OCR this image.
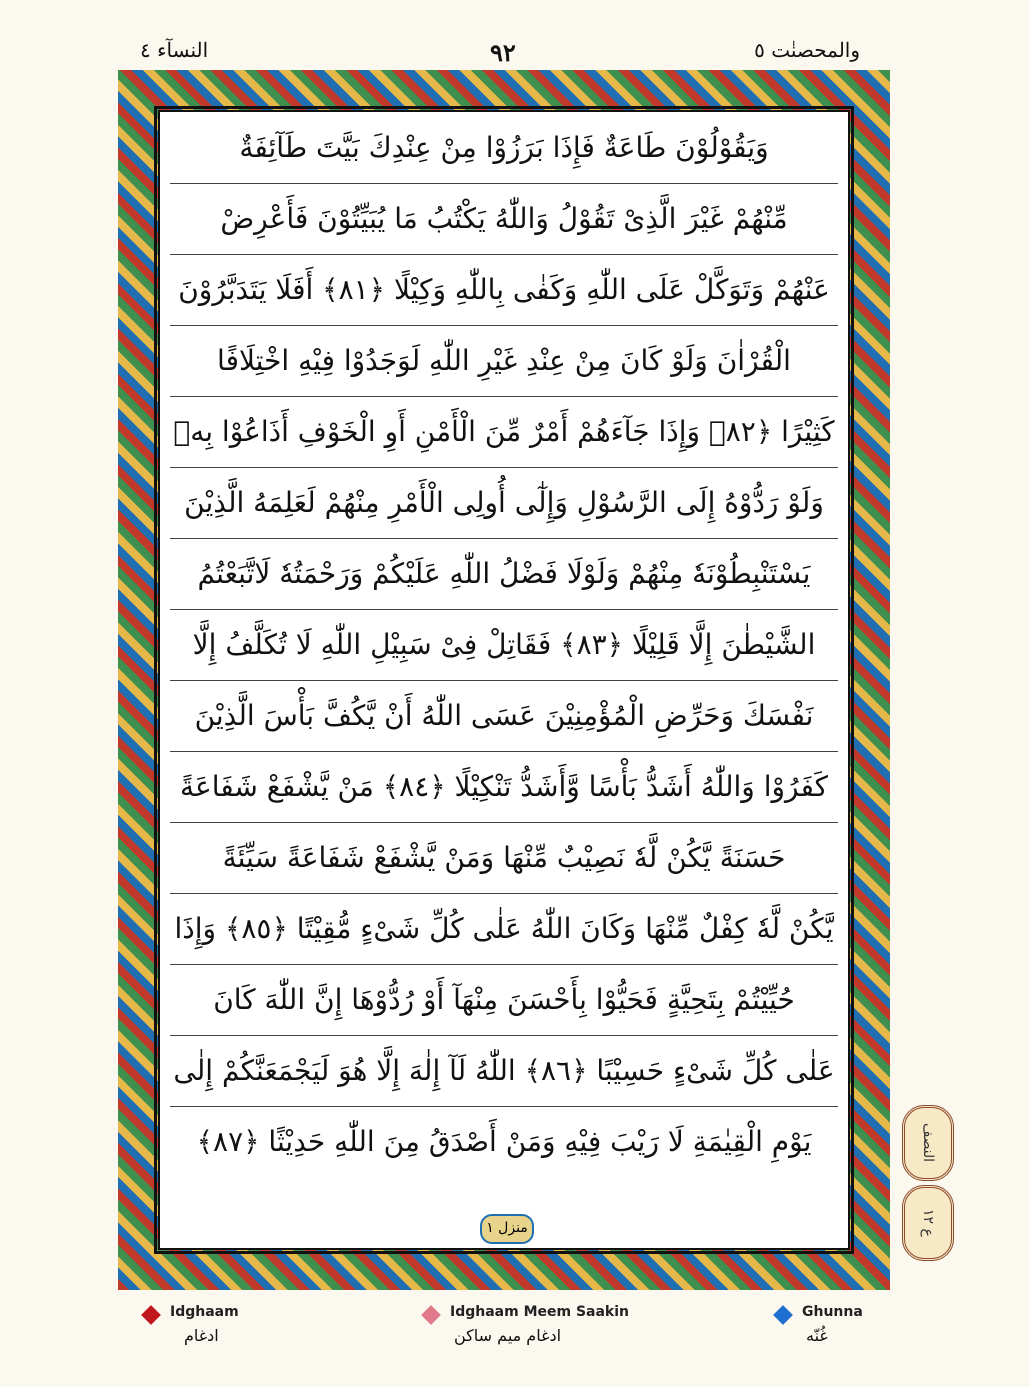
والمحصنٰت ٥
٩٢
النسآء ٤
وَيَقُوْلُوْنَ طَاعَةٌ فَإِذَا بَرَزُوْا مِنْ عِنْدِكَ بَيَّتَ طَآئِفَةٌ
مِّنْهُمْ غَيْرَ الَّذِىْ تَقُوْلُ وَاللّٰهُ يَكْتُبُ مَا يُبَيِّتُوْنَ فَأَعْرِضْ
عَنْهُمْ وَتَوَكَّلْ عَلَى اللّٰهِ وَكَفٰى بِاللّٰهِ وَكِيْلًا ﴿٨١﴾ أَفَلَا يَتَدَبَّرُوْنَ
الْقُرْاٰنَ وَلَوْ كَانَ مِنْ عِنْدِ غَيْرِ اللّٰهِ لَوَجَدُوْا فِيْهِ اخْتِلَافًا
كَثِيْرًا ﴿٨٢﴾ وَإِذَا جَآءَهُمْ أَمْرٌ مِّنَ الْأَمْنِ أَوِ الْخَوْفِ أَذَاعُوْا بِهٖ
وَلَوْ رَدُّوْهُ إِلَى الرَّسُوْلِ وَإِلٰٓى أُولِى الْأَمْرِ مِنْهُمْ لَعَلِمَهُ الَّذِيْنَ
يَسْتَنْبِطُوْنَهٗ مِنْهُمْ وَلَوْلَا فَضْلُ اللّٰهِ عَلَيْكُمْ وَرَحْمَتُهٗ لَاتَّبَعْتُمُ
الشَّيْطٰنَ إِلَّا قَلِيْلًا ﴿٨٣﴾ فَقَاتِلْ فِىْ سَبِيْلِ اللّٰهِ لَا تُكَلَّفُ إِلَّا
نَفْسَكَ وَحَرِّضِ الْمُؤْمِنِيْنَ عَسَى اللّٰهُ أَنْ يَّكُفَّ بَأْسَ الَّذِيْنَ
كَفَرُوْا وَاللّٰهُ أَشَدُّ بَأْسًا وَّأَشَدُّ تَنْكِيْلًا ﴿٨٤﴾ مَنْ يَّشْفَعْ شَفَاعَةً
حَسَنَةً يَّكُنْ لَّهٗ نَصِيْبٌ مِّنْهَا وَمَنْ يَّشْفَعْ شَفَاعَةً سَيِّئَةً
يَّكُنْ لَّهٗ كِفْلٌ مِّنْهَا وَكَانَ اللّٰهُ عَلٰى كُلِّ شَىْءٍ مُّقِيْتًا ﴿٨٥﴾ وَإِذَا
حُيِّيْتُمْ بِتَحِيَّةٍ فَحَيُّوْا بِأَحْسَنَ مِنْهَآ أَوْ رُدُّوْهَا إِنَّ اللّٰهَ كَانَ
عَلٰى كُلِّ شَىْءٍ حَسِيْبًا ﴿٨٦﴾ اللّٰهُ لَآ إِلٰهَ إِلَّا هُوَ لَيَجْمَعَنَّكُمْ إِلٰى
يَوْمِ الْقِيٰمَةِ لَا رَيْبَ فِيْهِ وَمَنْ أَصْدَقُ مِنَ اللّٰهِ حَدِيْثًا ﴿٨٧﴾
منزل ١
النصف
ع ١٢
Idghaam
ادغام
Idghaam Meem Saakin
ادغام میم ساکن
Ghunna
غُنّه
